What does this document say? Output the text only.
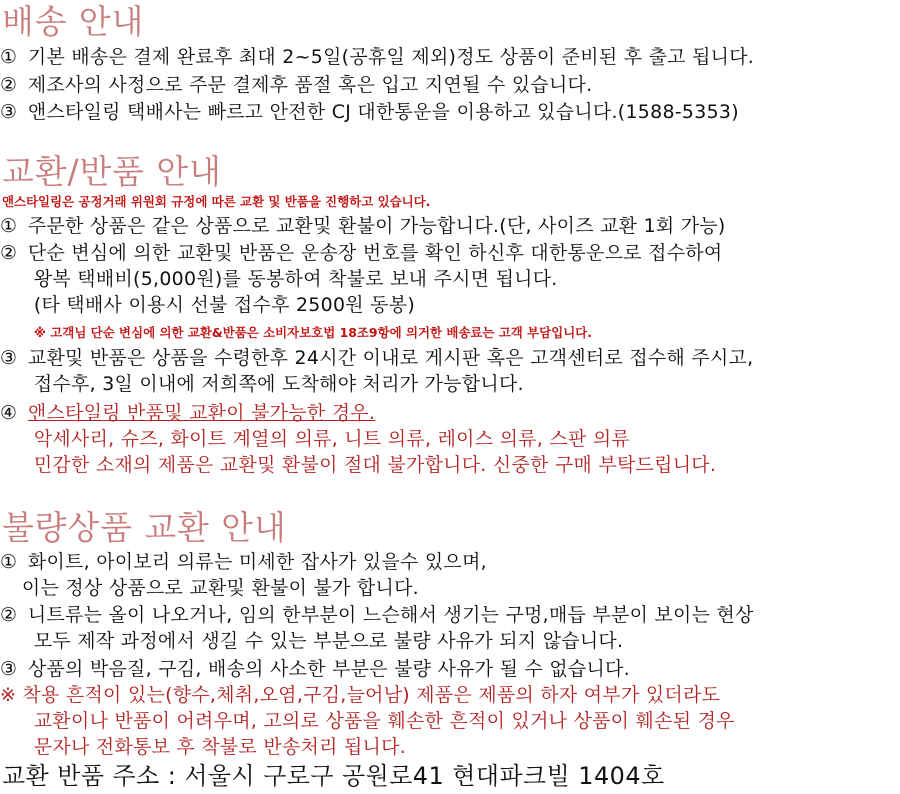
배송 안내
① 기본 배송은 결제 완료후 최대 2~5일(공휴일 제외)정도 상품이 준비된 후 출고 됩니다.
② 제조사의 사정으로 주문 결제후 품절 혹은 입고 지연될 수 있습니다.
③ 앤스타일링 택배사는 빠르고 안전한 CJ 대한통운을 이용하고 있습니다.(1588-5353)
교환/반품 안내
앤스타일링은 공정거래 위원회 규정에 따른 교환 및 반품을 진행하고 있습니다.
① 주문한 상품은 같은 상품으로 교환및 환불이 가능합니다.(단, 사이즈 교환 1회 가능)
② 단순 변심에 의한 교환및 반품은 운송장 번호를 확인 하신후 대한통운으로 접수하여
왕복 택배비(5,000원)를 동봉하여 착불로 보내 주시면 됩니다.
(타 택배사 이용시 선불 접수후 2500원 동봉)
※ 고객님 단순 변심에 의한 교환&반품은 소비자보호법 18조9항에 의거한 배송료는 고객 부담입니다.
③ 교환및 반품은 상품을 수령한후 24시간 이내로 게시판 혹은 고객센터로 접수해 주시고,
접수후, 3일 이내에 저희쪽에 도착해야 처리가 가능합니다.
④ 앤스타일링 반품및 교환이 불가능한 경우.
악세사리, 슈즈, 화이트 계열의 의류, 니트 의류, 레이스 의류, 스판 의류
민감한 소재의 제품은 교환및 환불이 절대 불가합니다. 신중한 구매 부탁드립니다.
불량상품 교환 안내
① 화이트, 아이보리 의류는 미세한 잡사가 있을수 있으며,
이는 정상 상품으로 교환및 환불이 불가 합니다.
② 니트류는 올이 나오거나, 임의 한부분이 느슨해서 생기는 구멍,매듭 부분이 보이는 현상
모두 제작 과정에서 생길 수 있는 부분으로 불량 사유가 되지 않습니다.
③ 상품의 박음질, 구김, 배송의 사소한 부분은 불량 사유가 될 수 없습니다.
※ 착용 흔적이 있는(향수,체취,오염,구김,늘어남) 제품은 제품의 하자 여부가 있더라도
교환이나 반품이 어려우며, 고의로 상품을 훼손한 흔적이 있거나 상품이 훼손된 경우
문자나 전화통보 후 착불로 반송처리 됩니다.
교환 반품 주소 : 서울시 구로구 공원로41 현대파크빌 1404호
